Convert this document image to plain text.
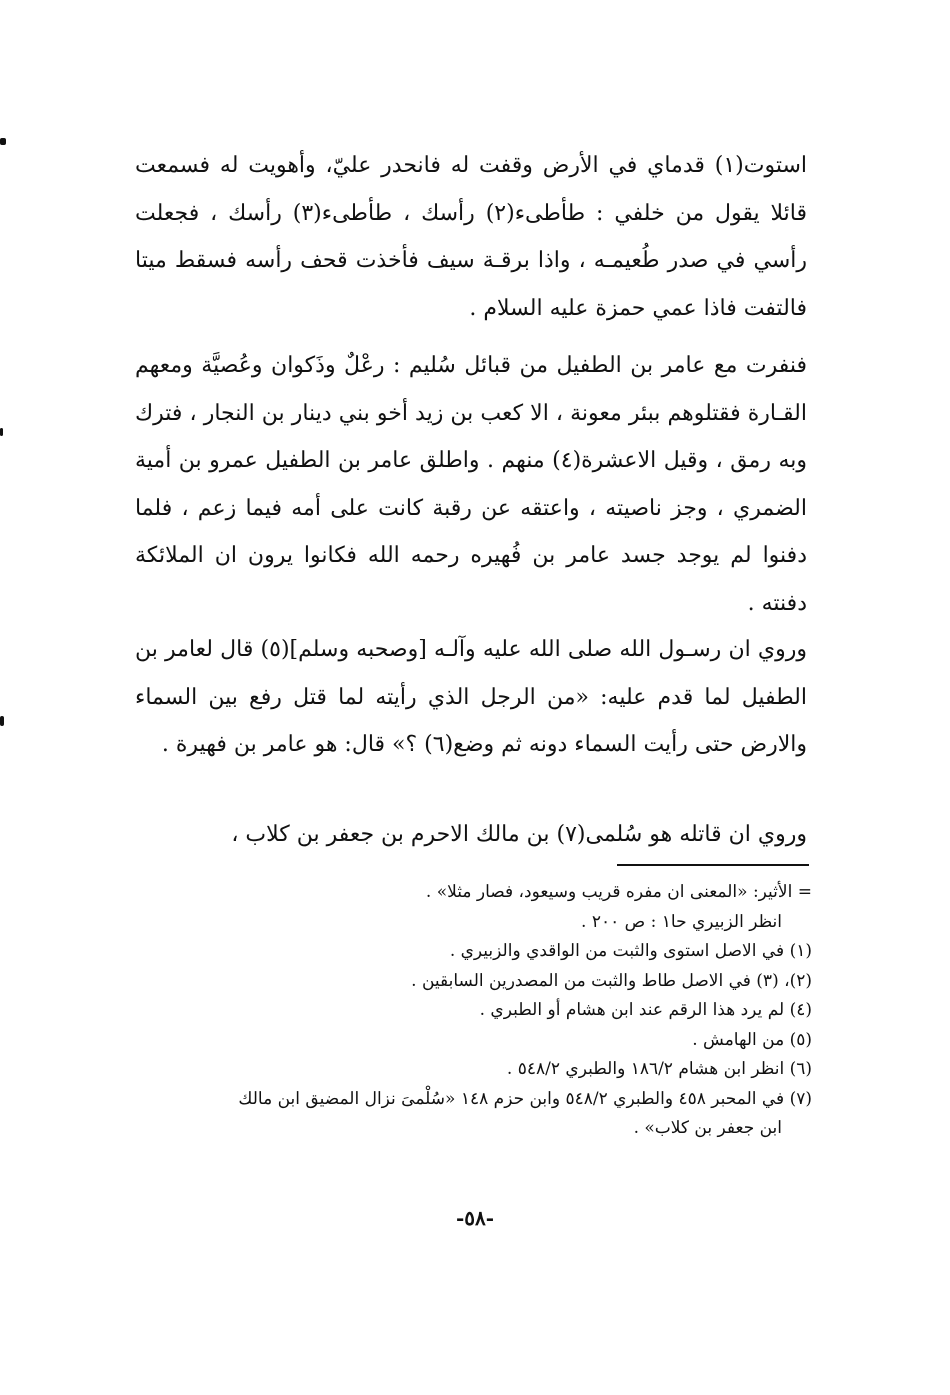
استوت(١) قدماي في الأرض وقفت له فانحدر عليّ، وأهويت له فسمعت قائلا يقول من خلفي : طأطىء(٢) رأسك ، طأطىء(٣) رأسك ، فجعلت رأسي في صدر طُعيمـه ، واذا برقـة سيف فأخذت قحف رأسه فسقط ميتا فالتفت فاذا عمي حمزة عليه السلام .

فنفرت مع عامر بن الطفيل من قبائل سُليم : رعْلٌ وذَكوان وعُصيَّة ومعهم القـارة فقتلوهم ببئر معونة ، الا كعب بن زيد أخو بني دينار بن النجار ، فترك وبه رمق ، وقيل الاعشرة(٤) منهم . واطلق عامر بن الطفيل عمرو بن أمية الضمري ، وجز ناصيته ، واعتقه عن رقبة كانت على أمه فيما زعم ، فلما دفنوا لم يوجد جسد عامر بن فُهيره رحمه الله فكانوا يرون ان الملائكة دفنته .

وروي ان رسـول الله صلى الله عليه وآلـه [وصحبه وسلم](٥) قال لعامر بن الطفيل لما قدم عليه: «من الرجل الذي رأيته لما قتل رفع بين السماء والارض حتى رأيت السماء دونه ثم وضع(٦) ؟» قال: هو عامر بن فهيرة .

وروي ان قاتله هو سُلمى(٧) بن مالك الاحرم بن جعفر بن كلاب ،

= الأثير: «المعنى ان مفره قريب وسيعود، فصار مثلا» .
انظر الزبيري حا١ : ص ٢٠٠ .
(١) في الاصل استوى والثبت من الواقدي والزبيري .
(٢)، (٣) في الاصل طاط والثبت من المصدرين السابقين .
(٤) لم يرد هذا الرقم عند ابن هشام أو الطبري .
(٥) من الهامش .
(٦) انظر ابن هشام ١٨٦/٢ والطبري ٥٤٨/٢ .
(٧) في المحبر ٤٥٨ والطبري ٥٤٨/٢ وابن حزم ١٤٨ «سُلْمىَ نزال المضيق ابن مالك
ابن جعفر بن كلاب» .
-٥٨-
